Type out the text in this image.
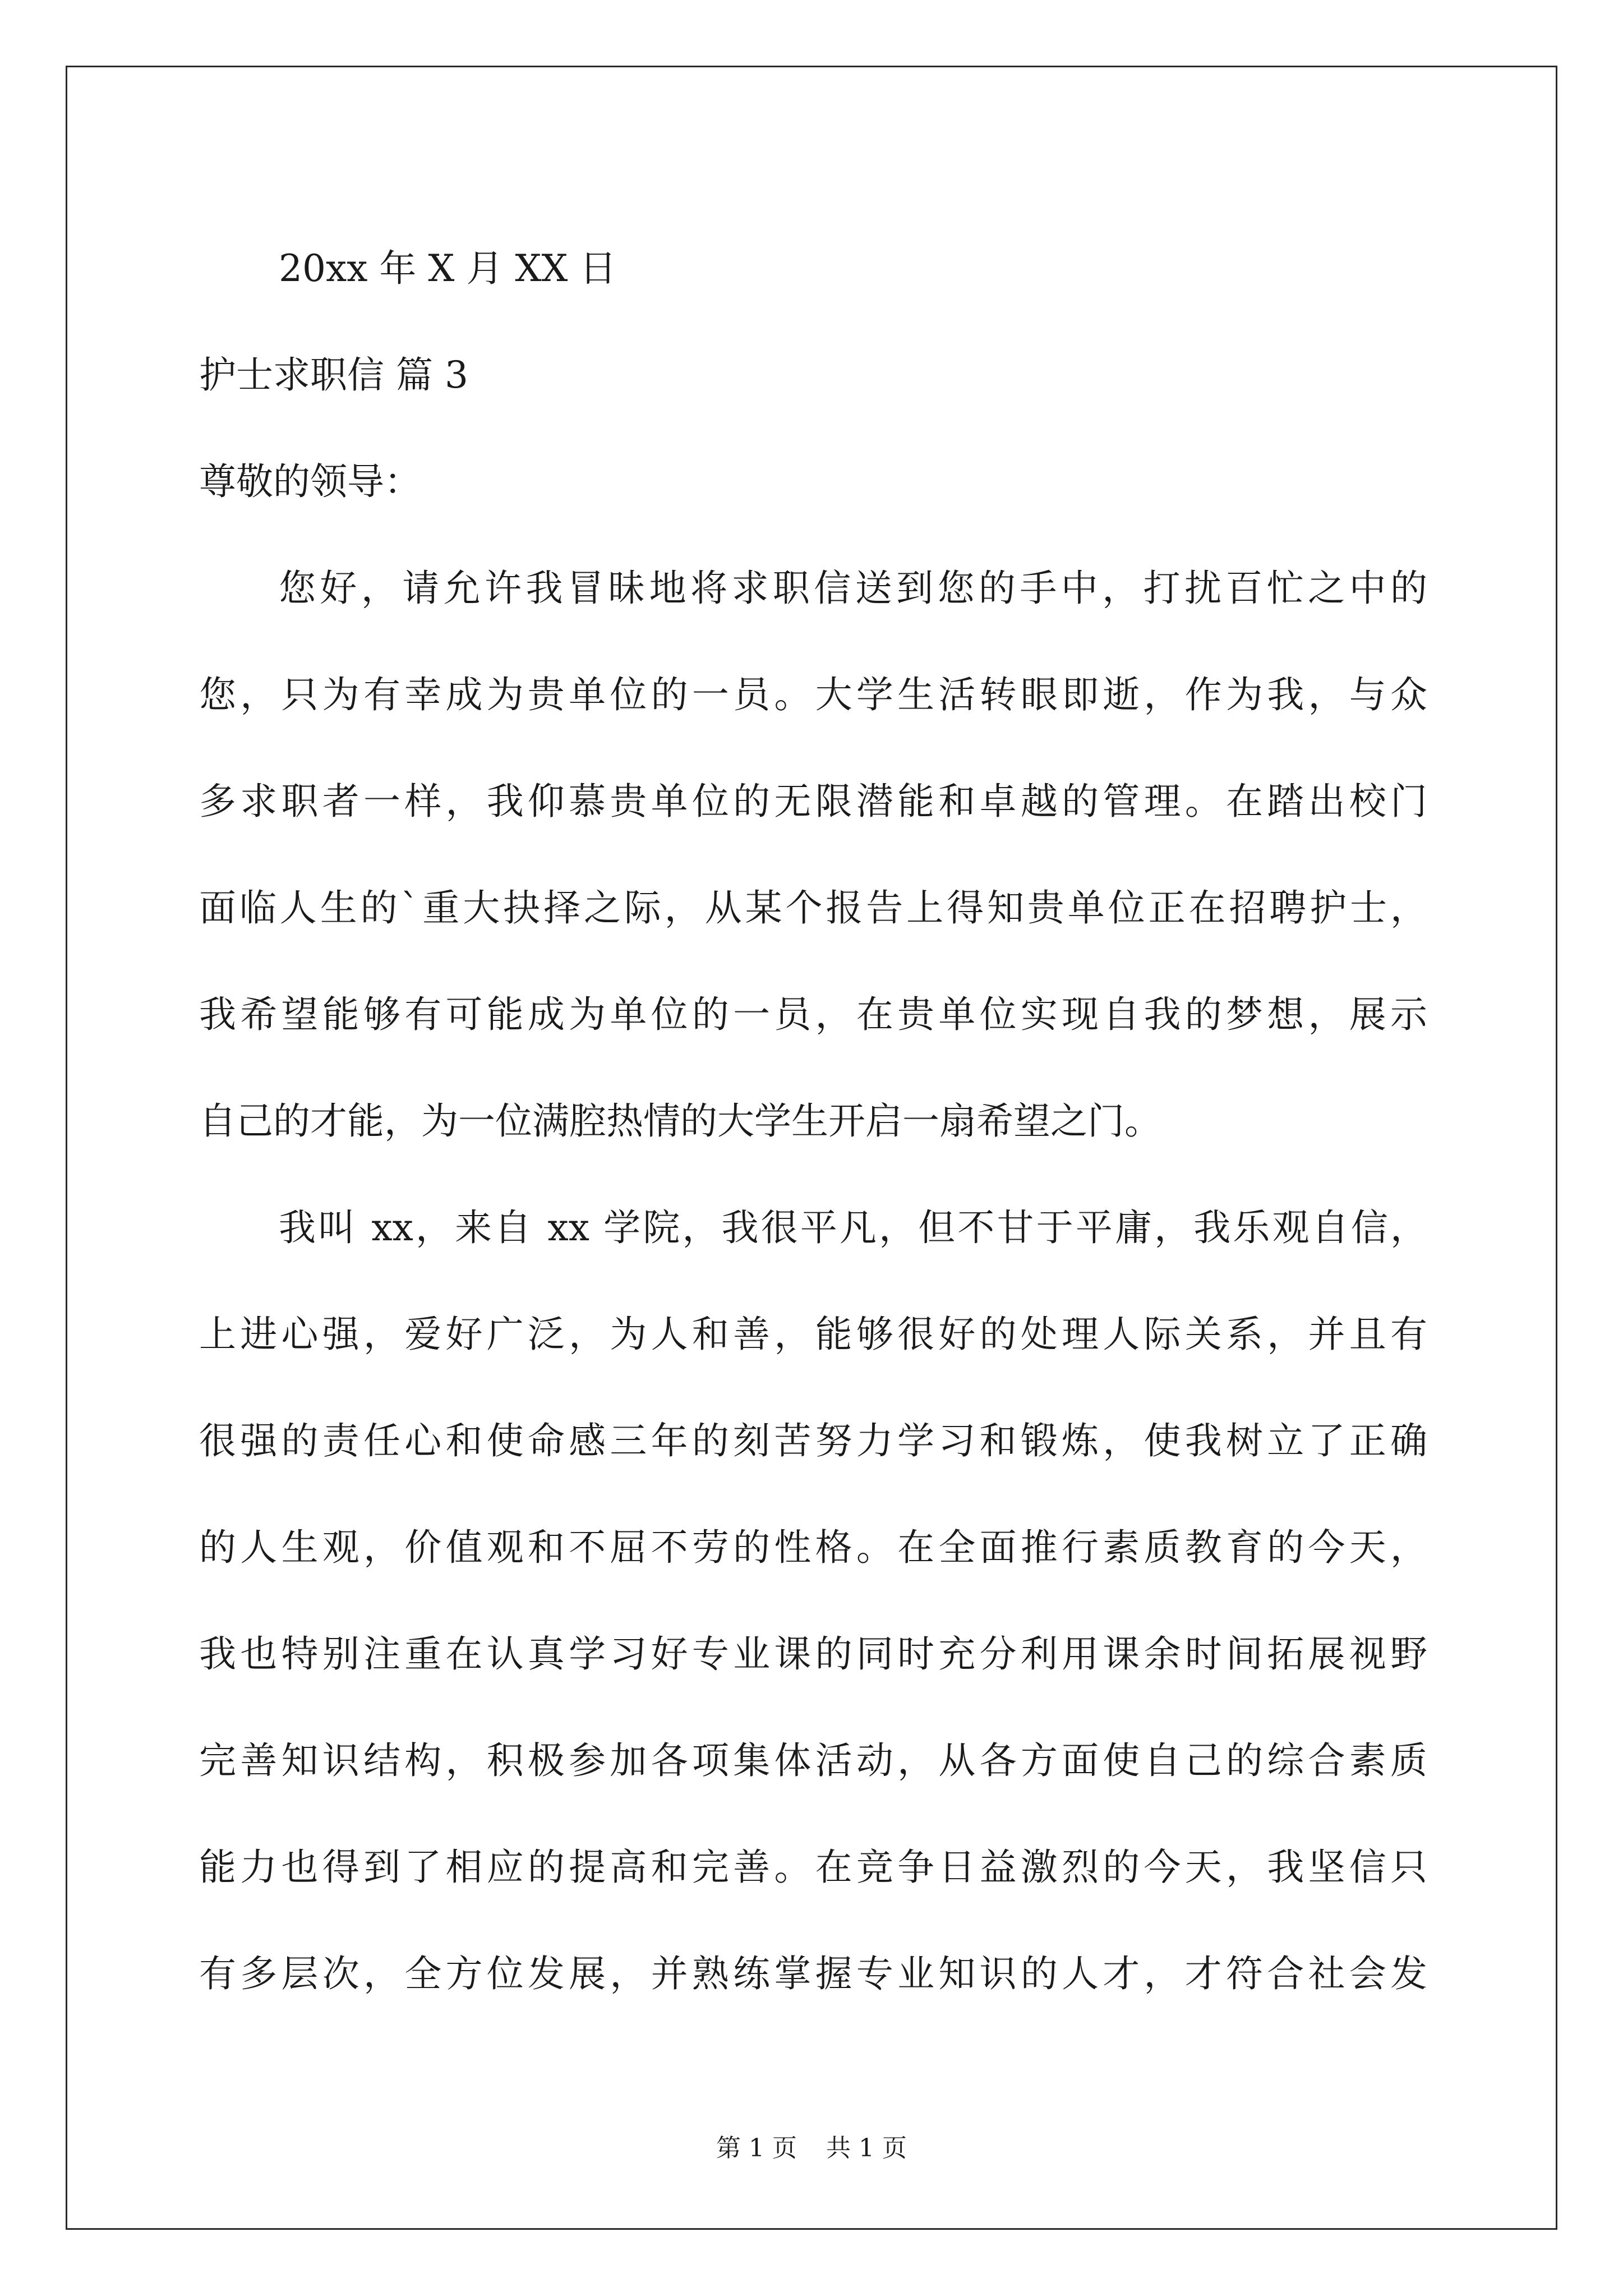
20xx 年 X 月 XX 日
护士求职信 篇 3
尊敬的领导：
您好，请允许我冒昧地将求职信送到您的手中，打扰百忙之中的
您，只为有幸成为贵单位的一员。大学生活转眼即逝，作为我，与众
多求职者一样，我仰慕贵单位的无限潜能和卓越的管理。在踏出校门
面临人生的`重大抉择之际，从某个报告上得知贵单位正在招聘护士，
我希望能够有可能成为单位的一员，在贵单位实现自我的梦想，展示
自己的才能，为一位满腔热情的大学生开启一扇希望之门。
我叫 xx，来自 xx 学院，我很平凡，但不甘于平庸，我乐观自信，
上进心强，爱好广泛，为人和善，能够很好的处理人际关系，并且有
很强的责任心和使命感三年的刻苦努力学习和锻炼，使我树立了正确
的人生观，价值观和不屈不劳的性格。在全面推行素质教育的今天，
我也特别注重在认真学习好专业课的同时充分利用课余时间拓展视野
完善知识结构，积极参加各项集体活动，从各方面使自己的综合素质
能力也得到了相应的提高和完善。在竞争日益激烈的今天，我坚信只
有多层次，全方位发展，并熟练掌握专业知识的人才，才符合社会发
第 1 页 共 1 页
